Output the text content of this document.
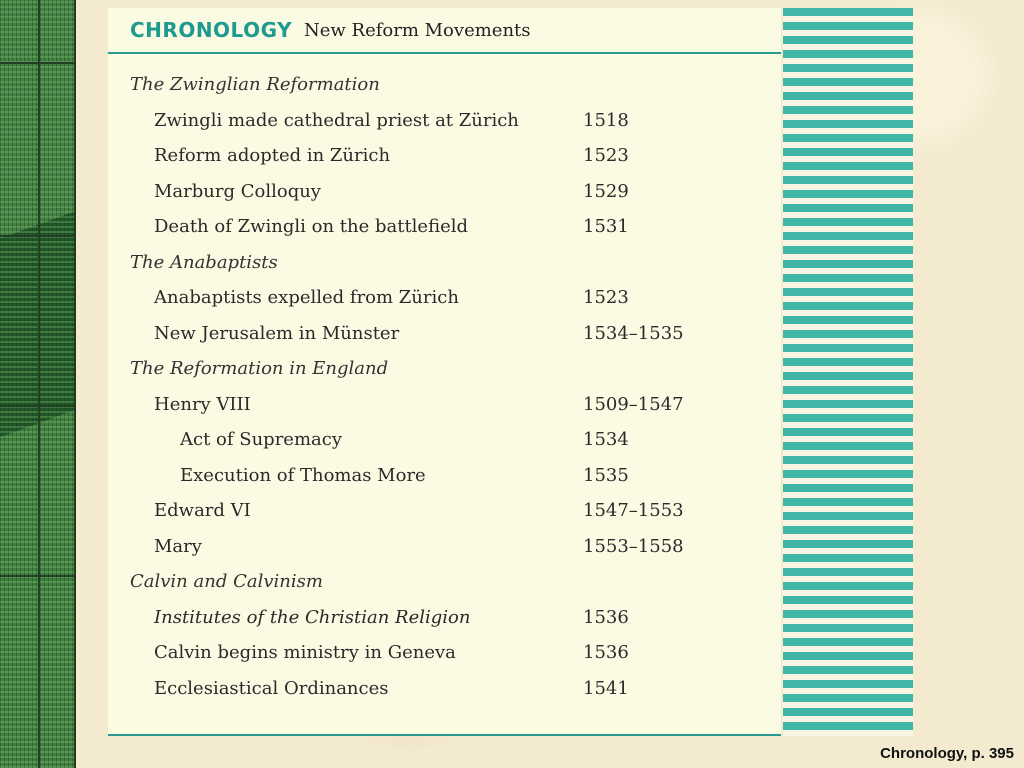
CHRONOLOGY New Reform Movements
The Zwinglian Reformation
Zwingli made cathedral priest at Zürich	1518
Reform adopted in Zürich	1523
Marburg Colloquy	1529
Death of Zwingli on the battlefield	1531
The Anabaptists
Anabaptists expelled from Zürich	1523
New Jerusalem in Münster	1534–1535
The Reformation in England
Henry VIII	1509–1547
Act of Supremacy	1534
Execution of Thomas More	1535
Edward VI	1547–1553
Mary	1553–1558
Calvin and Calvinism
Institutes of the Christian Religion	1536
Calvin begins ministry in Geneva	1536
Ecclesiastical Ordinances	1541
Chronology, p. 395
